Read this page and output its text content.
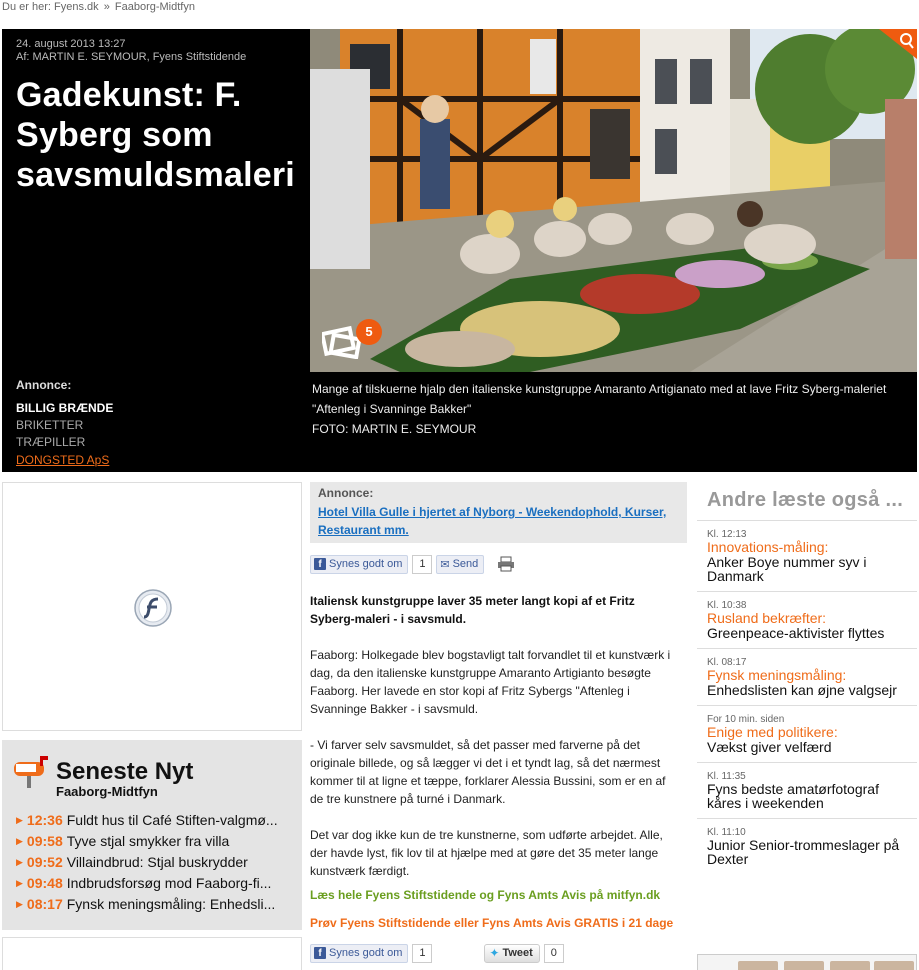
Du er her: Fyens.dk » Faaborg-Midtfyn
24. august 2013 13:27
Af: MARTIN E. SEYMOUR, Fyens Stiftstidende
Gadekunst: F. Syberg som savsmuldsmaleri
Annonce:
BILLIG BRÆNDE
BRIKETTER
TRÆPILLER
DONGSTED ApS
5
Mange af tilskuerne hjalp den italienske kunstgruppe Amaranto Artigianato med at lave Fritz Syberg-maleriet "Aftenleg i Svanninge Bakker"
FOTO: MARTIN E. SEYMOUR
Seneste Nyt
Faaborg-Midtfyn
▶ 12:36 Fuldt hus til Café Stiften-valgmø...
▶ 09:58 Tyve stjal smykker fra villa
▶ 09:52 Villaindbrud: Stjal buskrydder
▶ 09:48 Indbrudsforsøg mod Faaborg-fi...
▶ 08:17 Fynsk meningsmåling: Enhedsli...
Annonce:
Hotel Villa Gulle i hjertet af Nyborg - Weekendophold, Kurser, Restaurant mm.
f Synes godt om	1	✉ Send

Italiensk kunstgruppe laver 35 meter langt kopi af et Fritz Syberg-maleri - i savsmuld.

Faaborg: Holkegade blev bogstavligt talt forvandlet til et kunstværk i dag, da den italienske kunstgruppe Amaranto Artigianto besøgte Faaborg. Her lavede en stor kopi af Fritz Sybergs "Aftenleg i Svanninge Bakker - i savsmuld.

- Vi farver selv savsmuldet, så det passer med farverne på det originale billede, og så lægger vi det i et tyndt lag, så det nærmest kommer til at ligne et tæppe, forklarer Alessia Bussini, som er en af de tre kunstnere på turné i Danmark.

Det var dog ikke kun de tre kunstnerne, som udførte arbejdet. Alle, der havde lyst, fik lov til at hjælpe med at gøre det 35 meter lange kunstværk færdigt.

Læs hele Fyens Stiftstidende og Fyns Amts Avis på mitfyn.dk
Prøv Fyens Stiftstidende eller Fyns Amts Avis GRATIS i 21 dage
f Synes godt om	1	✦ Tweet	0
Andre læste også ...
Kl. 12:13
Innovations-måling:
Anker Boye nummer syv i Danmark
Kl. 10:38
Rusland bekræfter:
Greenpeace-aktivister flyttes
Kl. 08:17
Fynsk meningsmåling:
Enhedslisten kan øjne valgsejr
For 10 min. siden
Enige med politikere:
Vækst giver velfærd
Kl. 11:35
Fyns bedste amatørfotograf kåres i weekenden
Kl. 11:10
Junior Senior-trommeslager på Dexter
